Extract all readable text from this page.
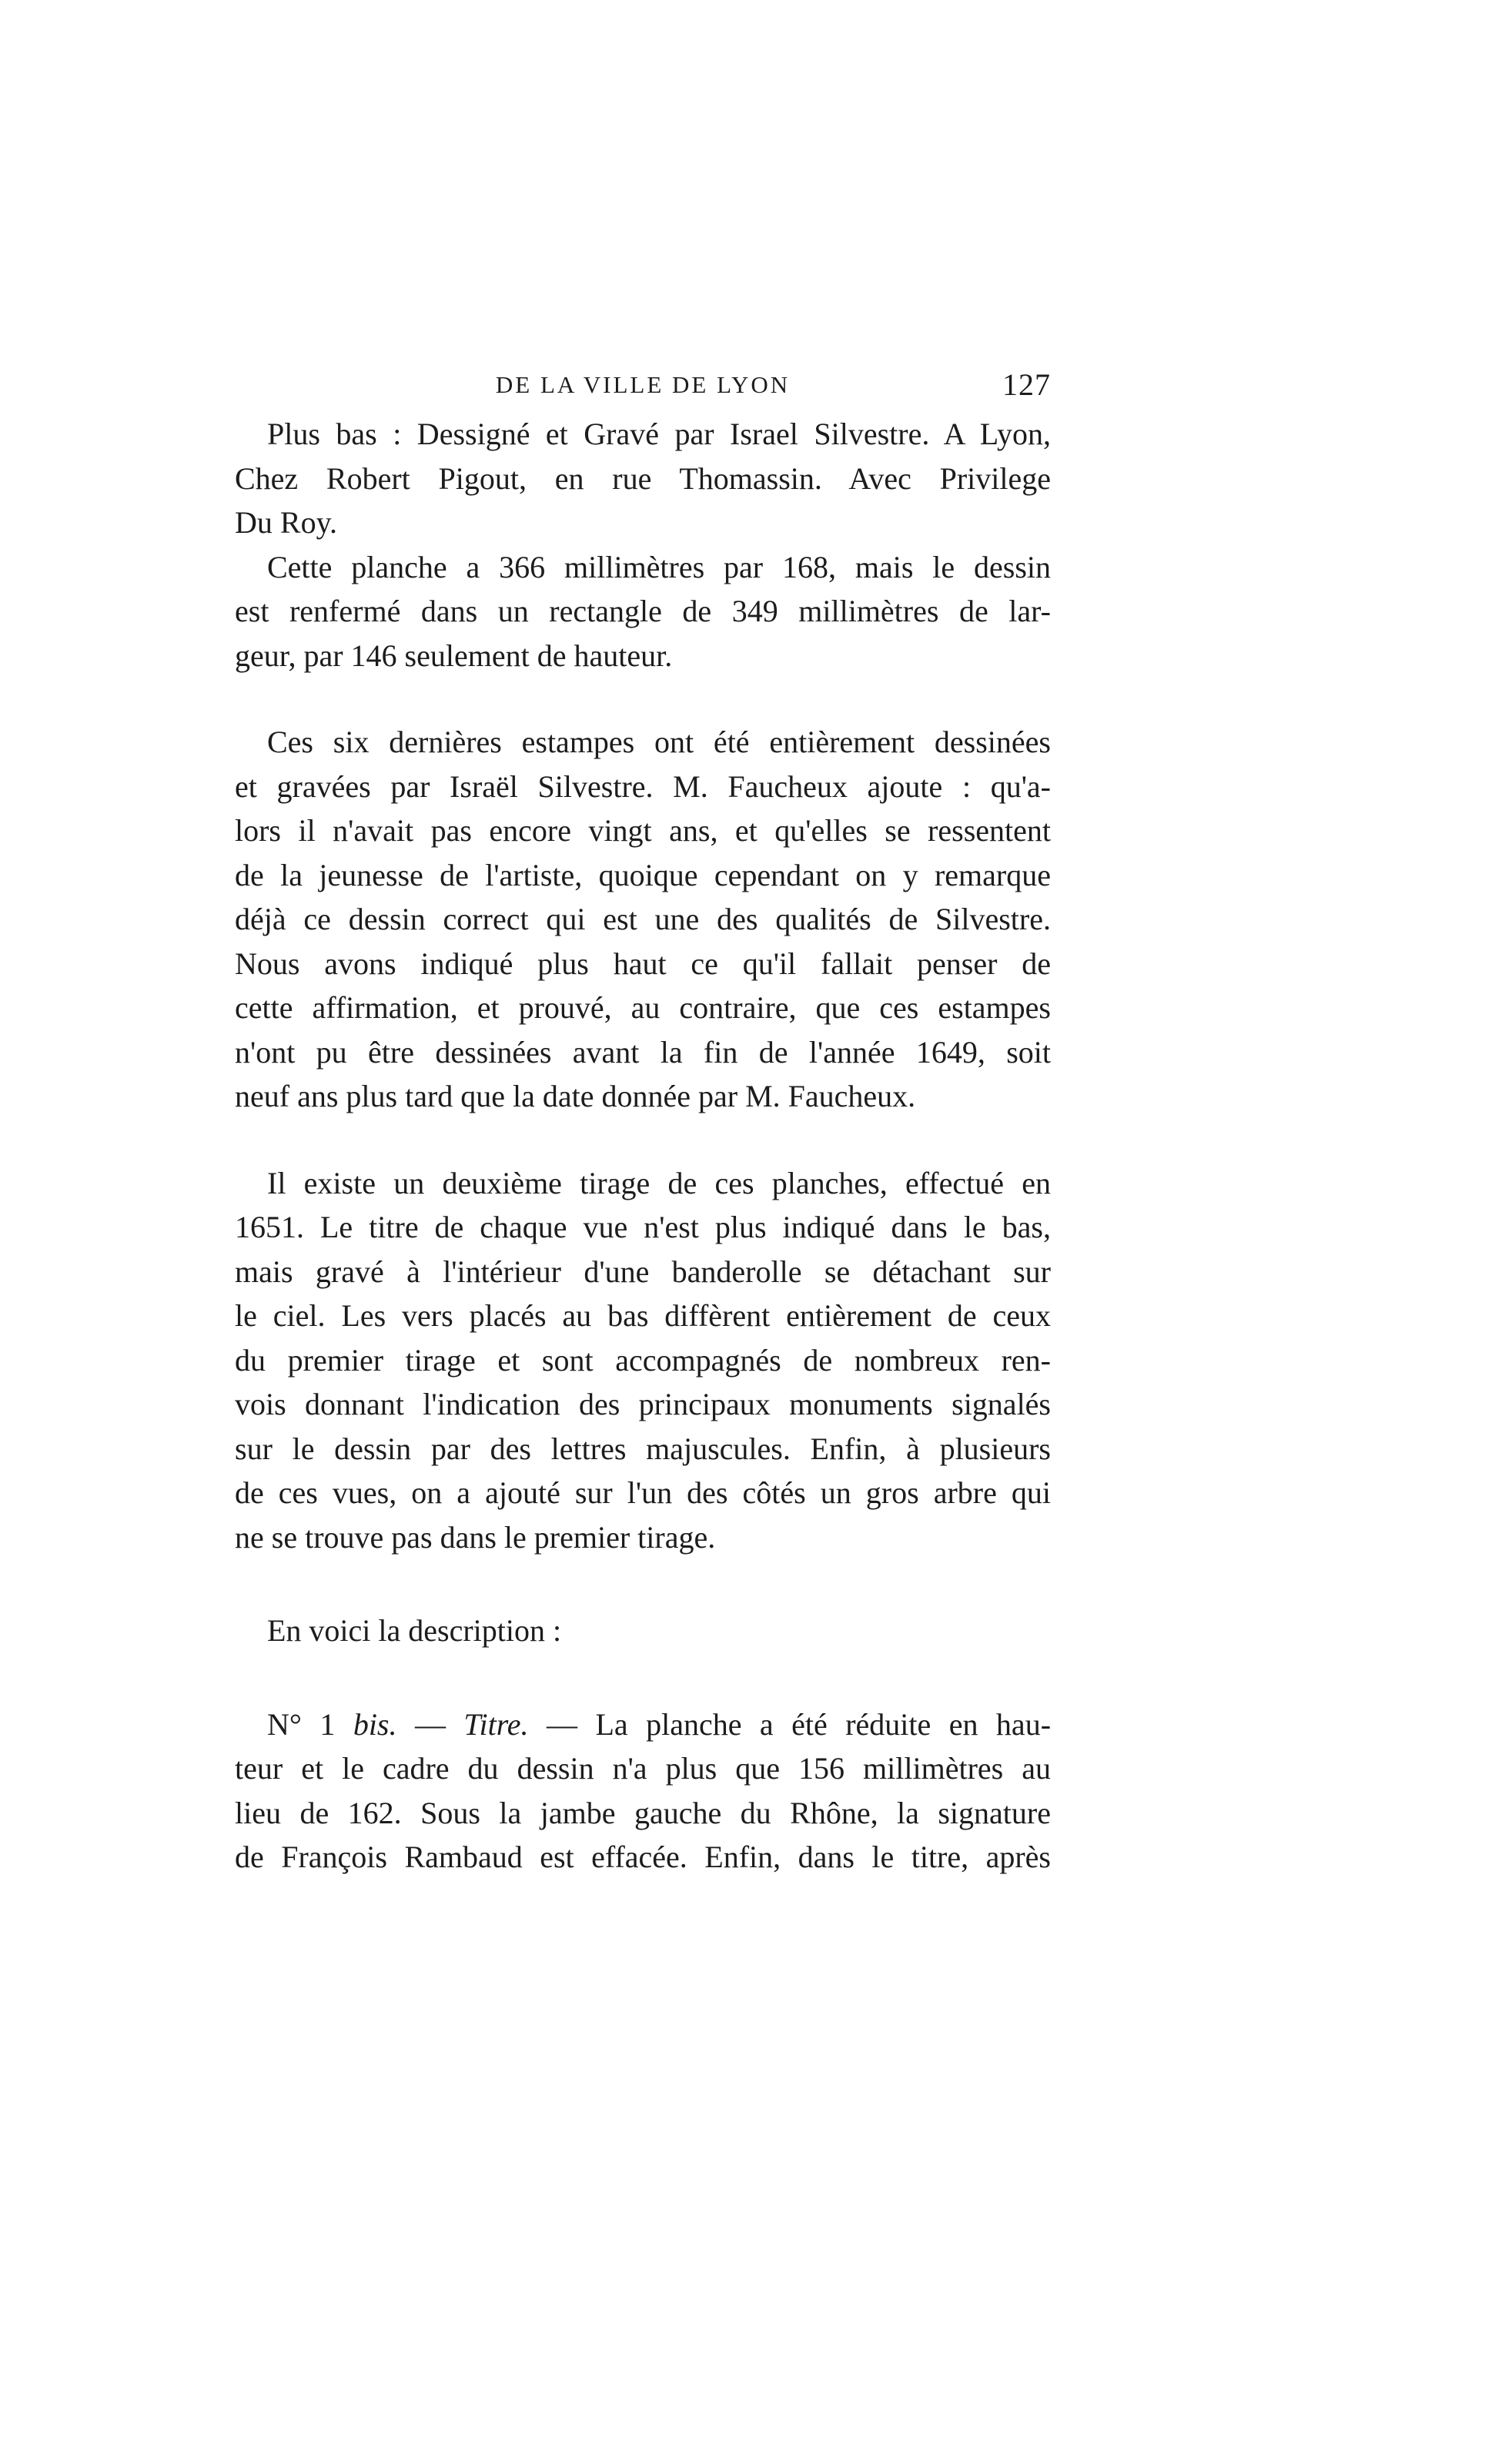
DE LA VILLE DE LYON	127

Plus bas : Dessigné et Gravé par Israel Silvestre. A Lyon,
Chez Robert Pigout, en rue Thomassin. Avec Privilege
Du Roy.

Cette planche a 366 millimètres par 168, mais le dessin
est renfermé dans un rectangle de 349 millimètres de lar-
geur, par 146 seulement de hauteur.

Ces six dernières estampes ont été entièrement dessinées
et gravées par Israël Silvestre. M. Faucheux ajoute : qu'a-
lors il n'avait pas encore vingt ans, et qu'elles se ressentent
de la jeunesse de l'artiste, quoique cependant on y remarque
déjà ce dessin correct qui est une des qualités de Silvestre.
Nous avons indiqué plus haut ce qu'il fallait penser de
cette affirmation, et prouvé, au contraire, que ces estampes
n'ont pu être dessinées avant la fin de l'année 1649, soit
neuf ans plus tard que la date donnée par M. Faucheux.

Il existe un deuxième tirage de ces planches, effectué en
1651. Le titre de chaque vue n'est plus indiqué dans le bas,
mais gravé à l'intérieur d'une banderolle se détachant sur
le ciel. Les vers placés au bas diffèrent entièrement de ceux
du premier tirage et sont accompagnés de nombreux ren-
vois donnant l'indication des principaux monuments signalés
sur le dessin par des lettres majuscules. Enfin, à plusieurs
de ces vues, on a ajouté sur l'un des côtés un gros arbre qui
ne se trouve pas dans le premier tirage.

En voici la description :

N° 1 bis. — Titre. — La planche a été réduite en hau-
teur et le cadre du dessin n'a plus que 156 millimètres au
lieu de 162. Sous la jambe gauche du Rhône, la signature
de François Rambaud est effacée. Enfin, dans le titre, après
